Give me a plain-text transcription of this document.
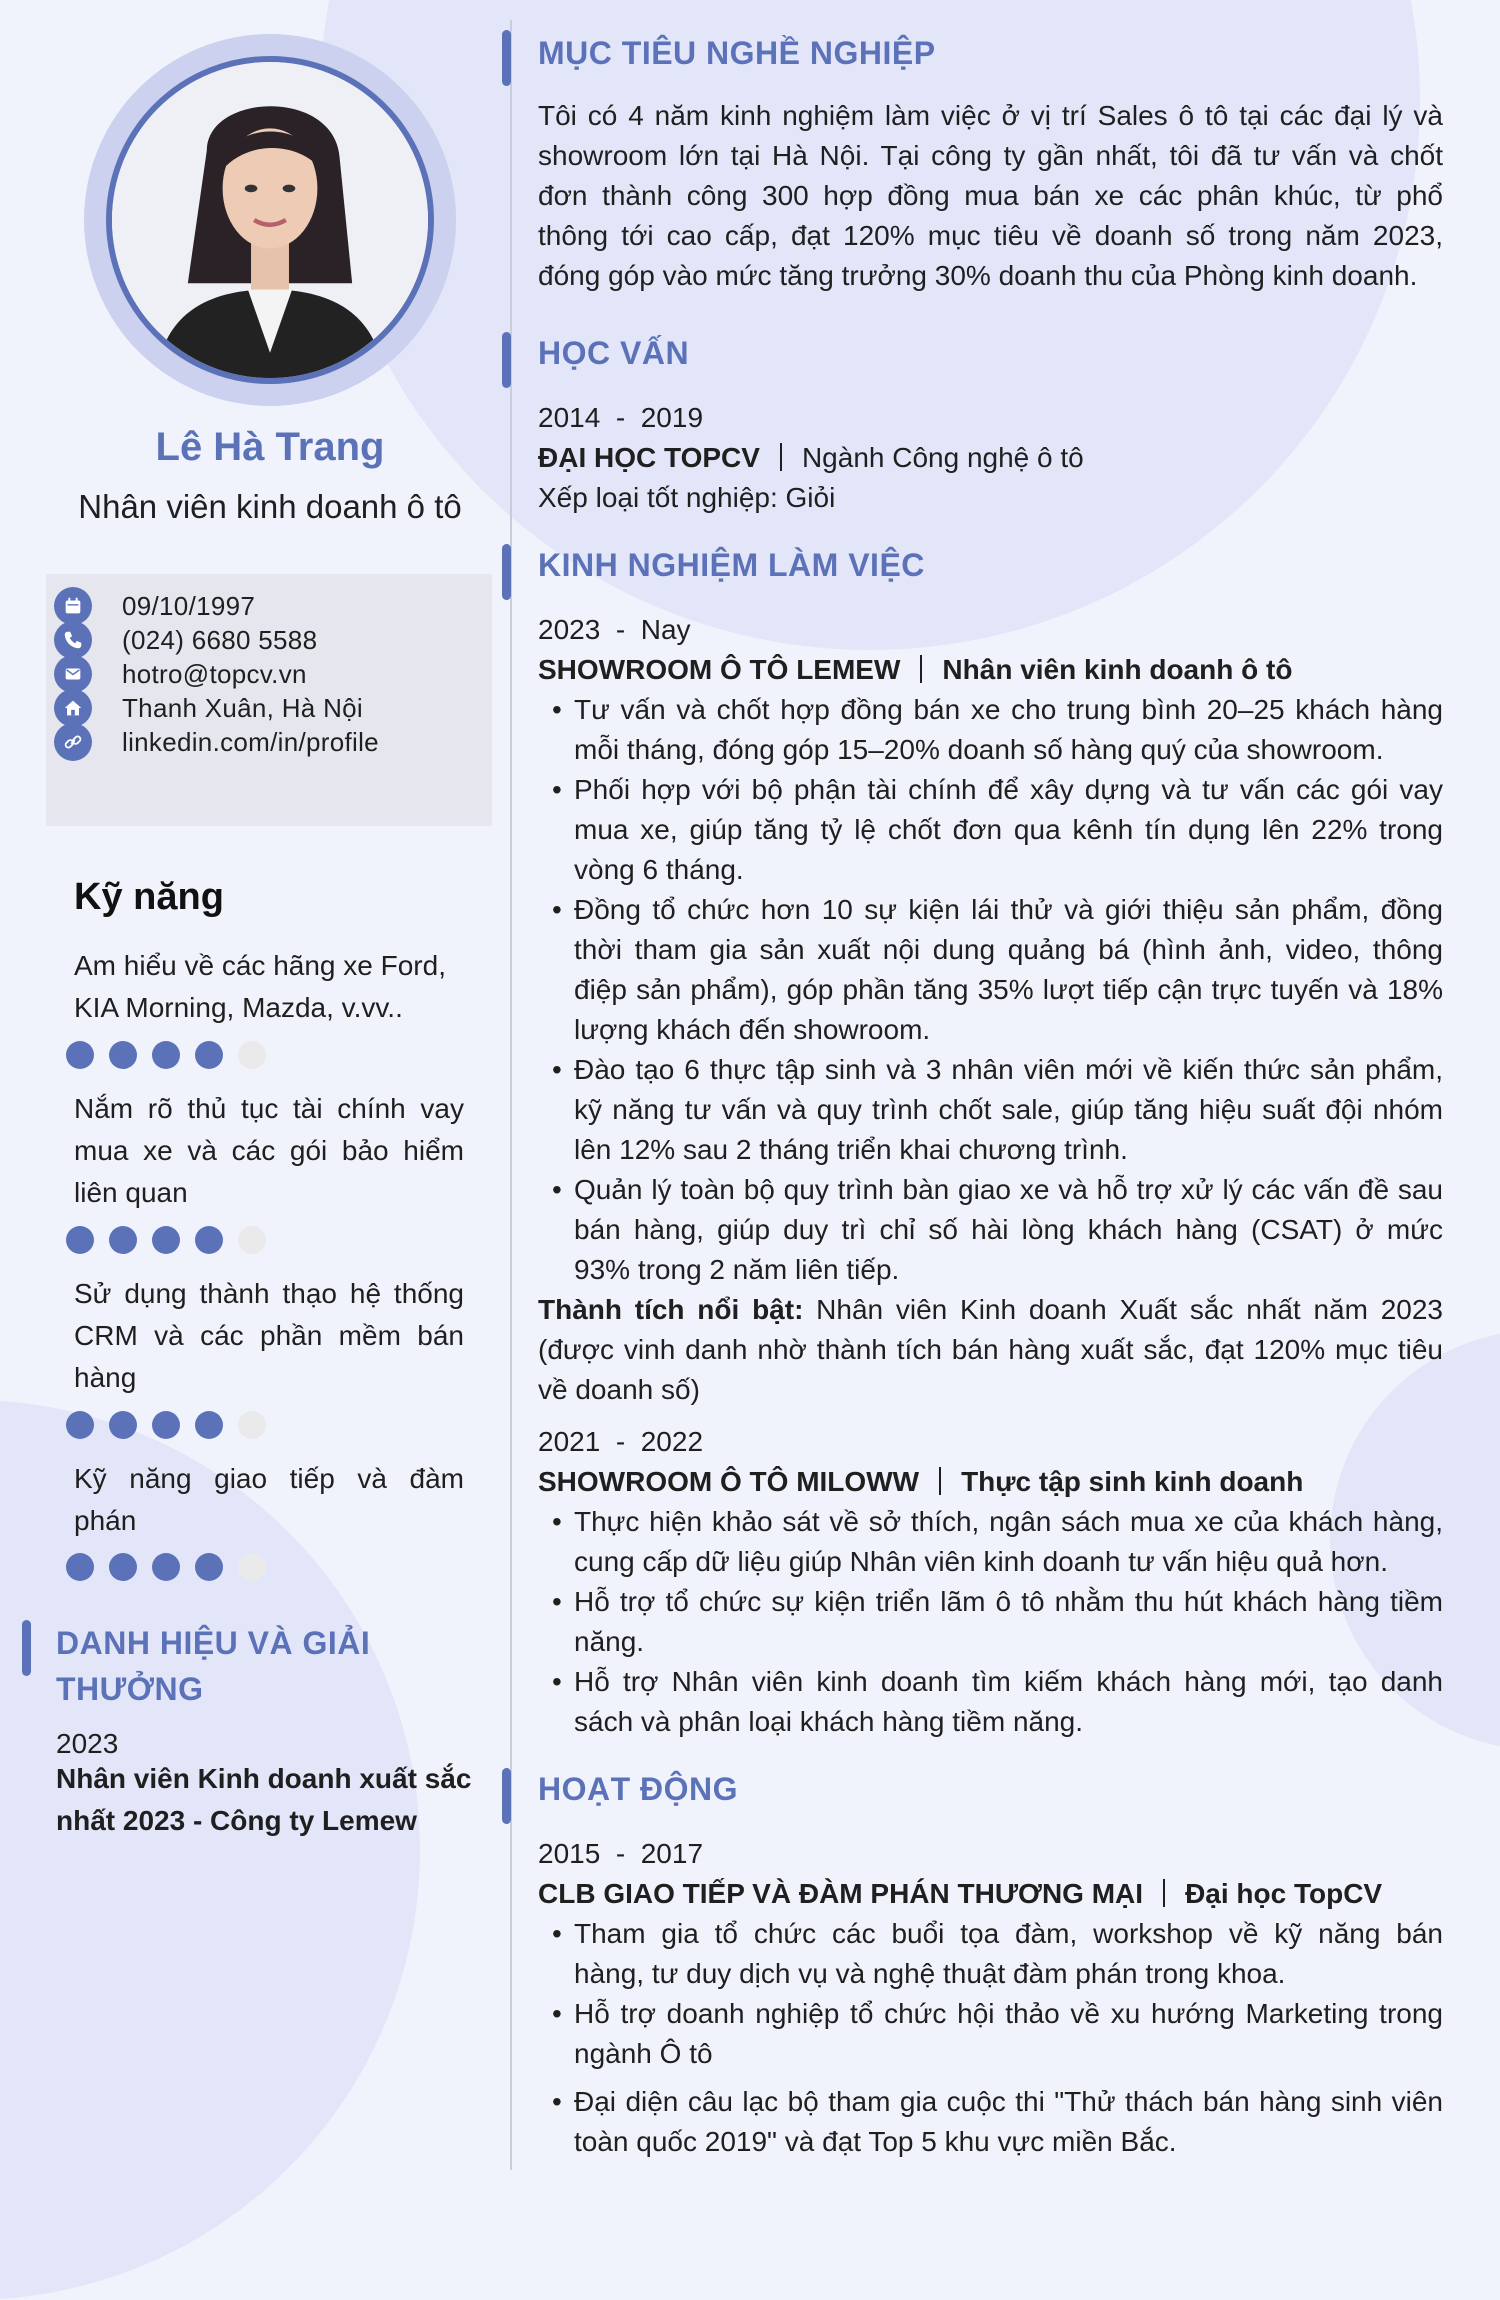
Lê Hà Trang
Nhân viên kinh doanh ô tô
09/10/1997
(024) 6680 5588
hotro@topcv.vn
Thanh Xuân, Hà Nội
linkedin.com/in/profile
Kỹ năng
Am hiểu về các hãng xe Ford,
KIA Morning, Mazda, v.vv..
Nắm rõ thủ tục tài chính vay
mua xe và các gói bảo hiểm
liên quan
Sử dụng thành thạo hệ thống
CRM và các phần mềm bán
hàng
Kỹ năng giao tiếp và đàm
phán
DANH HIỆU VÀ GIẢI
THƯỞNG
2023
Nhân viên Kinh doanh xuất sắc
nhất 2023 - Công ty Lemew
MỤC TIÊU NGHỀ NGHIỆP
Tôi có 4 năm kinh nghiệm làm việc ở vị trí Sales ô tô tại các đại lý và
showroom lớn tại Hà Nội. Tại công ty gần nhất, tôi đã tư vấn và chốt
đơn thành công 300 hợp đồng mua bán xe các phân khúc, từ phổ
thông tới cao cấp, đạt 120% mục tiêu về doanh số trong năm 2023,
đóng góp vào mức tăng trưởng 30% doanh thu của Phòng kinh doanh.
HỌC VẤN
2014  -  2019
ĐẠI HỌC TOPCV Ngành Công nghệ ô tô
Xếp loại tốt nghiệp: Giỏi
KINH NGHIỆM LÀM VIỆC
2023  -  Nay
SHOWROOM Ô TÔ LEMEW Nhân viên kinh doanh ô tô
• Tư vấn và chốt hợp đồng bán xe cho trung bình 20–25 khách hàng
mỗi tháng, đóng góp 15–20% doanh số hàng quý của showroom.
• Phối hợp với bộ phận tài chính để xây dựng và tư vấn các gói vay
mua xe, giúp tăng tỷ lệ chốt đơn qua kênh tín dụng lên 22% trong
vòng 6 tháng.
• Đồng tổ chức hơn 10 sự kiện lái thử và giới thiệu sản phẩm, đồng
thời tham gia sản xuất nội dung quảng bá (hình ảnh, video, thông
điệp sản phẩm), góp phần tăng 35% lượt tiếp cận trực tuyến và 18%
lượng khách đến showroom.
• Đào tạo 6 thực tập sinh và 3 nhân viên mới về kiến thức sản phẩm,
kỹ năng tư vấn và quy trình chốt sale, giúp tăng hiệu suất đội nhóm
lên 12% sau 2 tháng triển khai chương trình.
• Quản lý toàn bộ quy trình bàn giao xe và hỗ trợ xử lý các vấn đề sau
bán hàng, giúp duy trì chỉ số hài lòng khách hàng (CSAT) ở mức
93% trong 2 năm liên tiếp.
Thành tích nổi bật: Nhân viên Kinh doanh Xuất sắc nhất năm 2023
(được vinh danh nhờ thành tích bán hàng xuất sắc, đạt 120% mục tiêu
về doanh số)
2021  -  2022
SHOWROOM Ô TÔ MILOWW Thực tập sinh kinh doanh
• Thực hiện khảo sát về sở thích, ngân sách mua xe của khách hàng,
cung cấp dữ liệu giúp Nhân viên kinh doanh tư vấn hiệu quả hơn.
• Hỗ trợ tổ chức sự kiện triển lãm ô tô nhằm thu hút khách hàng tiềm
năng.
• Hỗ trợ Nhân viên kinh doanh tìm kiếm khách hàng mới, tạo danh
sách và phân loại khách hàng tiềm năng.
HOẠT ĐỘNG
2015  -  2017
CLB GIAO TIẾP VÀ ĐÀM PHÁN THƯƠNG MẠI Đại học TopCV
• Tham gia tổ chức các buổi tọa đàm, workshop về kỹ năng bán
hàng, tư duy dịch vụ và nghệ thuật đàm phán trong khoa.
• Hỗ trợ doanh nghiệp tổ chức hội thảo về xu hướng Marketing trong
ngành Ô tô
• Đại diện câu lạc bộ tham gia cuộc thi "Thử thách bán hàng sinh viên
toàn quốc 2019" và đạt Top 5 khu vực miền Bắc.
